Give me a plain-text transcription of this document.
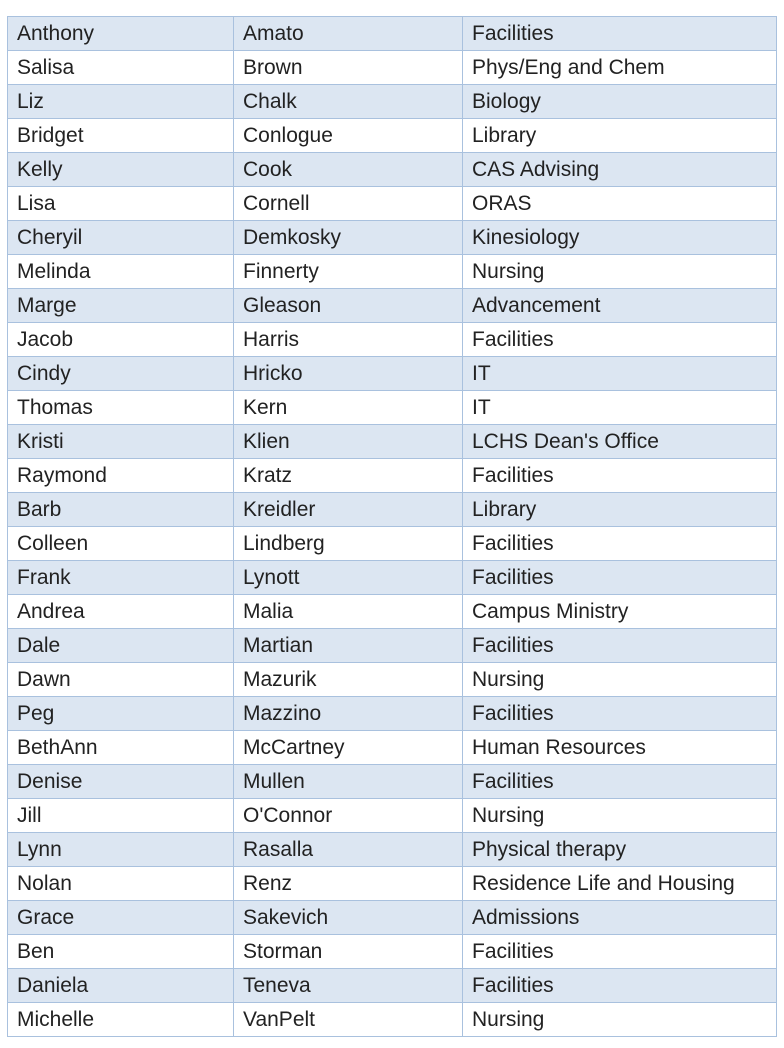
Anthony	Amato	Facilities
Salisa	Brown	Phys/Eng and Chem
Liz	Chalk	Biology
Bridget	Conlogue	Library
Kelly	Cook	CAS Advising
Lisa	Cornell	ORAS
Cheryil	Demkosky	Kinesiology
Melinda	Finnerty	Nursing
Marge	Gleason	Advancement
Jacob	Harris	Facilities
Cindy	Hricko	IT
Thomas	Kern	IT
Kristi	Klien	LCHS Dean's Office
Raymond	Kratz	Facilities
Barb	Kreidler	Library
Colleen	Lindberg	Facilities
Frank	Lynott	Facilities
Andrea	Malia	Campus Ministry
Dale	Martian	Facilities
Dawn	Mazurik	Nursing
Peg	Mazzino	Facilities
BethAnn	McCartney	Human Resources
Denise	Mullen	Facilities
Jill	O'Connor	Nursing
Lynn	Rasalla	Physical therapy
Nolan	Renz	Residence Life and Housing
Grace	Sakevich	Admissions
Ben	Storman	Facilities
Daniela	Teneva	Facilities
Michelle	VanPelt	Nursing
